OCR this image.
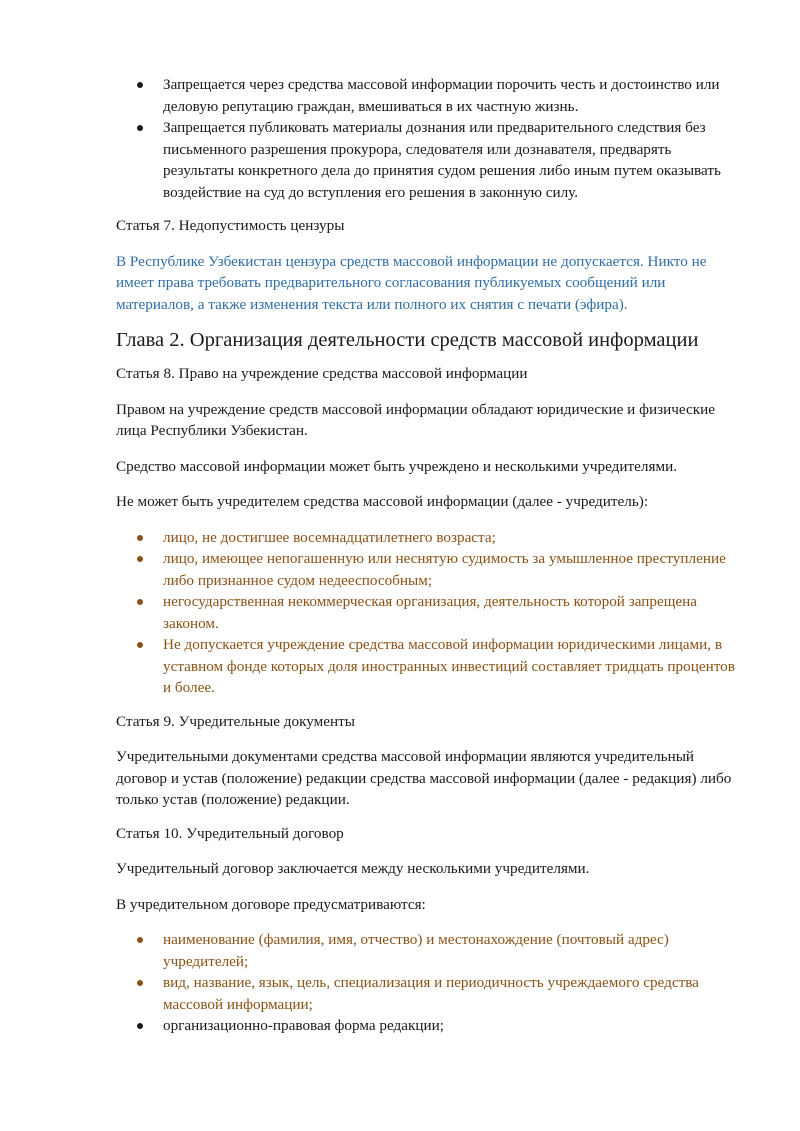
Запрещается через средства массовой информации порочить честь и достоинство или деловую репутацию граждан, вмешиваться в их частную жизнь.
Запрещается публиковать материалы дознания или предварительного следствия без письменного разрешения прокурора, следователя или дознавателя, предварять результаты конкретного дела до принятия судом решения либо иным путем оказывать воздействие на суд до вступления его решения в законную силу.

Статья 7. Недопустимость цензуры

В Республике Узбекистан цензура средств массовой информации не допускается. Никто не имеет права требовать предварительного согласования публикуемых сообщений или материалов, а также изменения текста или полного их снятия с печати (эфира).

Глава 2. Организация деятельности средств массовой информации

Статья 8. Право на учреждение средства массовой информации

Правом на учреждение средств массовой информации обладают юридические и физические лица Республики Узбекистан.

Средство массовой информации может быть учреждено и несколькими учредителями.

Не может быть учредителем средства массовой информации (далее - учредитель):

лицо, не достигшее восемнадцатилетнего возраста;
лицо, имеющее непогашенную или неснятую судимость за умышленное преступление либо признанное судом недееспособным;
негосударственная некоммерческая организация, деятельность которой запрещена законом.
Не допускается учреждение средства массовой информации юридическими лицами, в уставном фонде которых доля иностранных инвестиций составляет тридцать процентов и более.

Статья 9. Учредительные документы

Учредительными документами средства массовой информации являются учредительный договор и устав (положение) редакции средства массовой информации (далее - редакция) либо только устав (положение) редакции.

Статья 10. Учредительный договор

Учредительный договор заключается между несколькими учредителями.

В учредительном договоре предусматриваются:

наименование (фамилия, имя, отчество) и местонахождение (почтовый адрес) учредителей;
вид, название, язык, цель, специализация и периодичность учреждаемого средства массовой информации;
организационно-правовая форма редакции;
